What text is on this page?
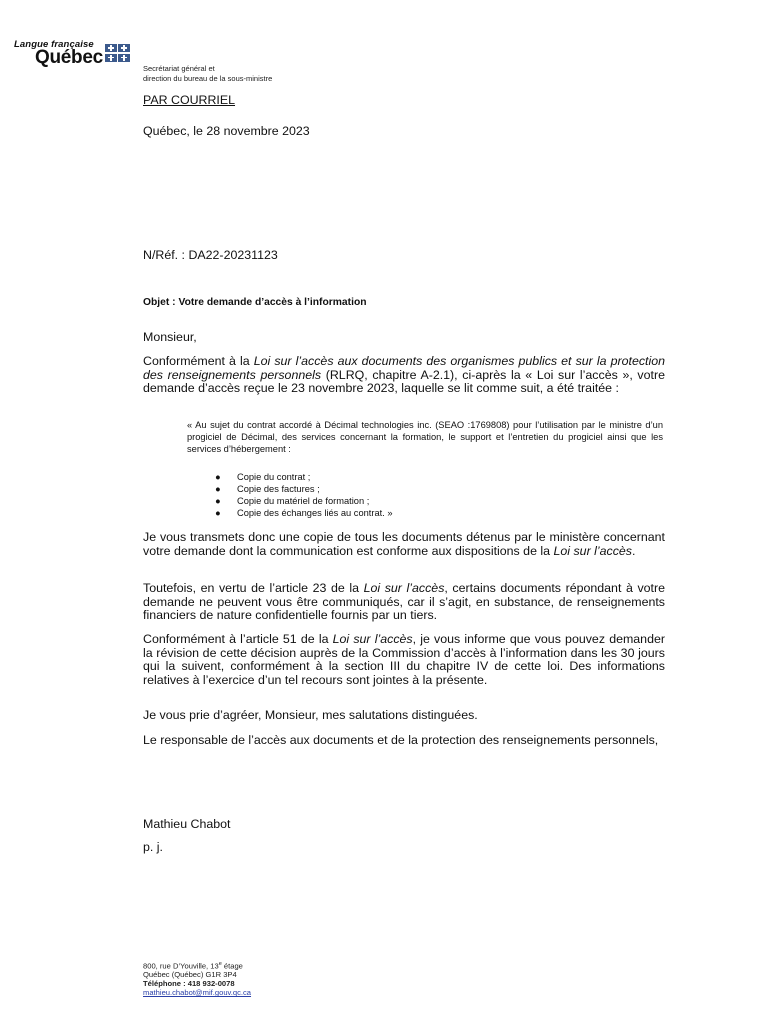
Langue française
Québec
Secrétariat général et
direction du bureau de la sous-ministre
PAR COURRIEL
Québec, le 28 novembre 2023
N/Réf. : DA22-20231123
Objet : Votre demande d’accès à l’information
Monsieur,
Conformément à la Loi sur l’accès aux documents des organismes publics et sur la protection des renseignements personnels (RLRQ, chapitre A-2.1), ci-après la « Loi sur l’accès », votre demande d’accès reçue le 23 novembre 2023, laquelle se lit comme suit, a été traitée :
« Au sujet du contrat accordé à Décimal technologies inc. (SEAO :1769808) pour l’utilisation par le ministre d’un progiciel de Décimal, des services concernant la formation, le support et l’entretien du progiciel ainsi que les services d’hébergement :
● Copie du contrat ;
● Copie des factures ;
● Copie du matériel de formation ;
● Copie des échanges liés au contrat. »
Je vous transmets donc une copie de tous les documents détenus par le ministère concernant votre demande dont la communication est conforme aux dispositions de la Loi sur l’accès.
Toutefois, en vertu de l’article 23 de la Loi sur l’accès, certains documents répondant à votre demande ne peuvent vous être communiqués, car il s’agit, en substance, de renseignements financiers de nature confidentielle fournis par un tiers.
Conformément à l’article 51 de la Loi sur l’accès, je vous informe que vous pouvez demander la révision de cette décision auprès de la Commission d’accès à l’information dans les 30 jours qui la suivent, conformément à la section III du chapitre IV de cette loi. Des informations relatives à l’exercice d’un tel recours sont jointes à la présente.
Je vous prie d’agréer, Monsieur, mes salutations distinguées.
Le responsable de l’accès aux documents et de la protection des renseignements personnels,
Mathieu Chabot
p. j.
800, rue D’Youville, 13e étage
Québec (Québec) G1R 3P4
Téléphone : 418 932-0078
mathieu.chabot@mif.gouv.qc.ca
